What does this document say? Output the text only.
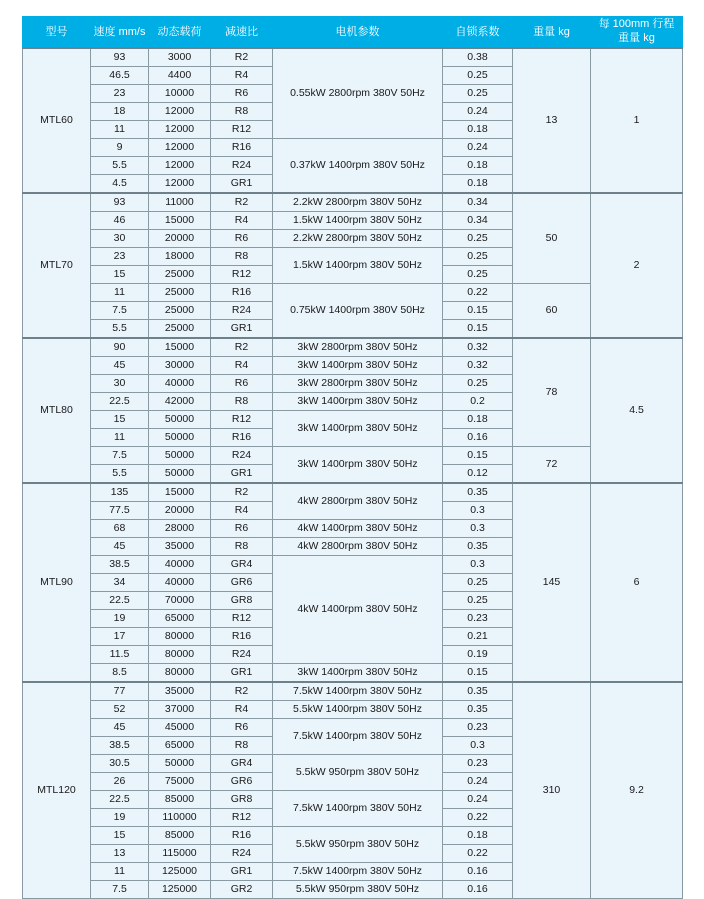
型号	速度 mm/s	动态载荷	减速比	电机参数	自锁系数	重量 kg	每 100mm 行程
重量 kg

MTL60	93	3000	R2	0.55kW 2800rpm 380V 50Hz	0.38	13	1
	46.5	4400	R4		0.25		
	23	10000	R6		0.25		
	18	12000	R8		0.24		
	11	12000	R12		0.18		
	9	12000	R16	0.37kW 1400rpm 380V 50Hz	0.24		
	5.5	12000	R24		0.18		
	4.5	12000	GR1		0.18		
MTL70	93	11000	R2	2.2kW 2800rpm 380V 50Hz	0.34	50	2
	46	15000	R4	1.5kW 1400rpm 380V 50Hz	0.34		
	30	20000	R6	2.2kW 2800rpm 380V 50Hz	0.25		
	23	18000	R8	1.5kW 1400rpm 380V 50Hz	0.25		
	15	25000	R12		0.25		
	11	25000	R16	0.75kW 1400rpm 380V 50Hz	0.22	60	
	7.5	25000	R24		0.15		
	5.5	25000	GR1		0.15		
MTL80	90	15000	R2	3kW 2800rpm 380V 50Hz	0.32	78	4.5
	45	30000	R4	3kW 1400rpm 380V 50Hz	0.32		
	30	40000	R6	3kW 2800rpm 380V 50Hz	0.25		
	22.5	42000	R8	3kW 1400rpm 380V 50Hz	0.2		
	15	50000	R12	3kW 1400rpm 380V 50Hz	0.18		
	11	50000	R16		0.16		
	7.5	50000	R24	3kW 1400rpm 380V 50Hz	0.15	72	
	5.5	50000	GR1		0.12		
MTL90	135	15000	R2	4kW 2800rpm 380V 50Hz	0.35	145	6
	77.5	20000	R4		0.3		
	68	28000	R6	4kW 1400rpm 380V 50Hz	0.3		
	45	35000	R8	4kW 2800rpm 380V 50Hz	0.35		
	38.5	40000	GR4	4kW 1400rpm 380V 50Hz	0.3		
	34	40000	GR6		0.25		
	22.5	70000	GR8		0.25		
	19	65000	R12		0.23		
	17	80000	R16		0.21		
	11.5	80000	R24		0.19		
	8.5	80000	GR1	3kW 1400rpm 380V 50Hz	0.15		
MTL120	77	35000	R2	7.5kW 1400rpm 380V 50Hz	0.35	310	9.2
	52	37000	R4	5.5kW 1400rpm 380V 50Hz	0.35		
	45	45000	R6	7.5kW 1400rpm 380V 50Hz	0.23		
	38.5	65000	R8		0.3		
	30.5	50000	GR4	5.5kW 950rpm 380V 50Hz	0.23		
	26	75000	GR6		0.24		
	22.5	85000	GR8	7.5kW 1400rpm 380V 50Hz	0.24		
	19	110000	R12		0.22		
	15	85000	R16	5.5kW 950rpm 380V 50Hz	0.18		
	13	115000	R24		0.22		
	11	125000	GR1	7.5kW 1400rpm 380V 50Hz	0.16		
	7.5	125000	GR2	5.5kW 950rpm 380V 50Hz	0.16		
